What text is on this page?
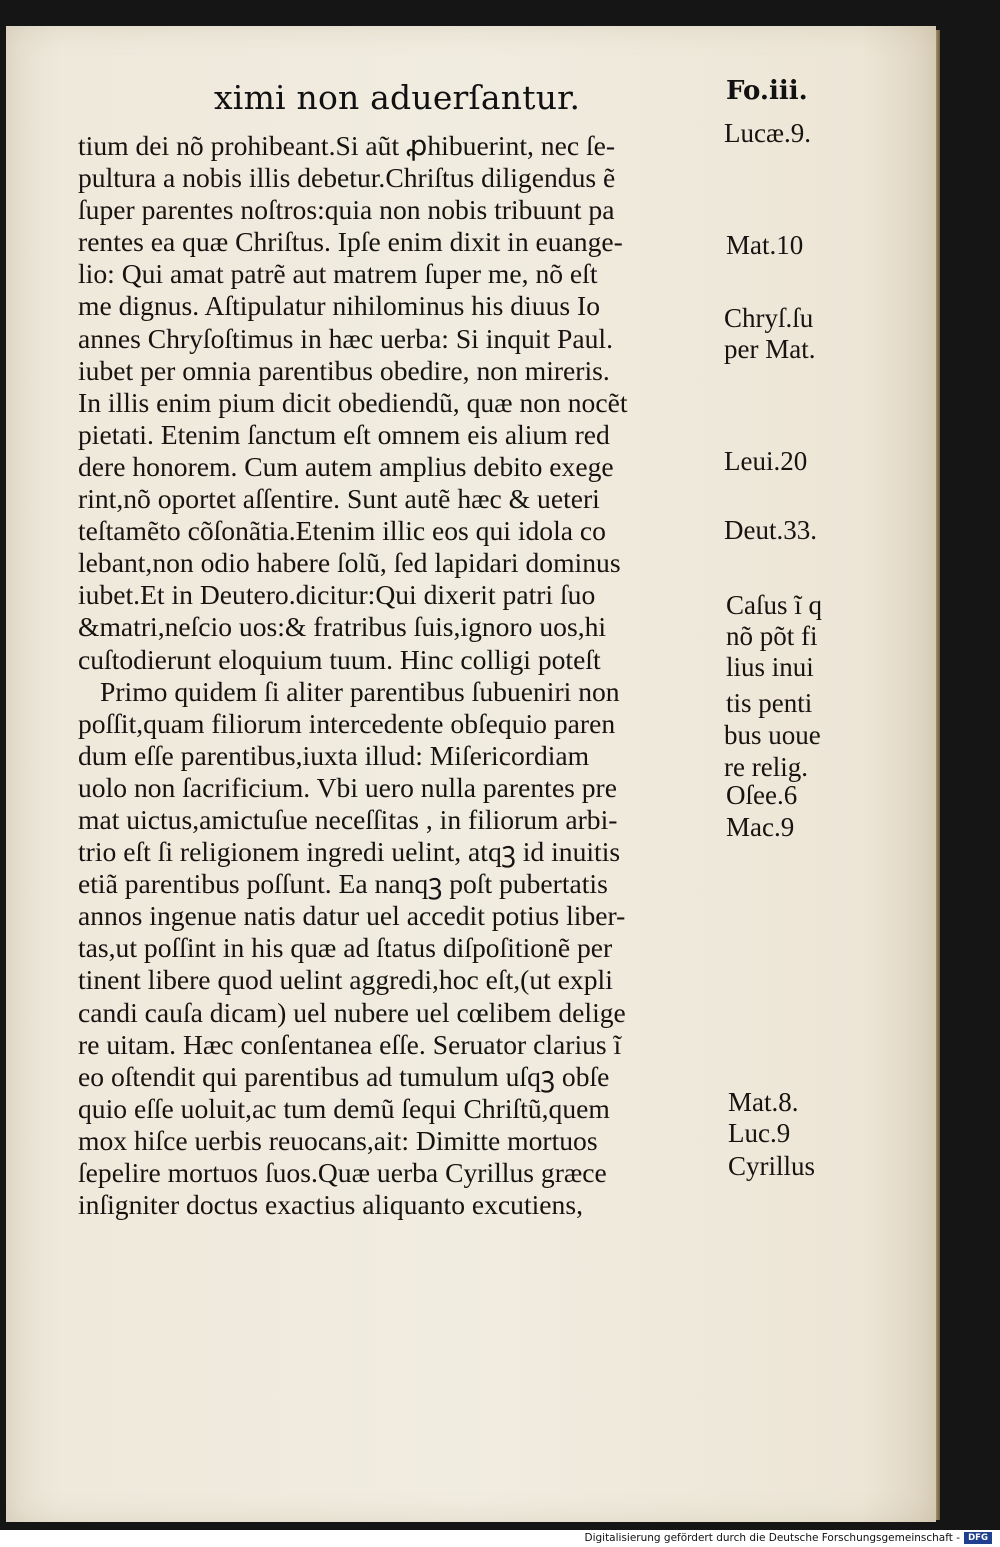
ximi non aduerſantur.	Fo.iii.
tium dei nõ prohibeant.Si aũt ꝓhibuerint, nec ſe-
pultura a nobis illis debetur.Chriſtus diligendus ẽ
ſuper parentes noſtros:quia non nobis tribuunt pa
rentes ea quæ Chriſtus. Ipſe enim dixit in euange-
lio: Qui amat patrẽ aut matrem ſuper me, nõ eſt
me dignus. Aſtipulatur nihilominus his diuus Io
annes Chryſoſtimus in hæc uerba: Si inquit Paul.
iubet per omnia parentibus obedire, non mireris.
In illis enim pium dicit obediendũ, quæ non nocẽt
pietati. Etenim ſanctum eſt omnem eis alium red
dere honorem. Cum autem amplius debito exege
rint,nõ oportet aſſentire. Sunt autẽ hæc & ueteri
teſtamẽto cõſonãtia.Etenim illic eos qui idola co
lebant,non odio habere ſolũ, ſed lapidari dominus
iubet.Et in Deutero.dicitur:Qui dixerit patri ſuo
&matri,neſcio uos:& fratribus ſuis,ignoro uos,hi
cuſtodierunt eloquium tuum. Hinc colligi poteſt
Primo quidem ſi aliter parentibus ſubueniri non
poſſit,quam filiorum intercedente obſequio paren
dum eſſe parentibus,iuxta illud: Miſericordiam
uolo non ſacrificium. Vbi uero nulla parentes pre
mat uictus,amictuſue neceſſitas , in filiorum arbi-
trio eſt ſi religionem ingredi uelint, atqꝫ id inuitis
etiã parentibus poſſunt. Ea nanqꝫ poſt pubertatis
annos ingenue natis datur uel accedit potius liber-
tas,ut poſſint in his quæ ad ſtatus diſpoſitionẽ per
tinent libere quod uelint aggredi,hoc eſt,(ut expli
candi cauſa dicam) uel nubere uel cœlibem delige
re uitam. Hæc conſentanea eſſe. Seruator clarius ĩ
eo oſtendit qui parentibus ad tumulum uſqꝫ obſe
quio eſſe uoluit,ac tum demũ ſequi Chriſtũ,quem
mox hiſce uerbis reuocans,ait: Dimitte mortuos
ſepelire mortuos ſuos.Quæ uerba Cyrillus græce
inſigniter doctus exactius aliquanto excutiens,
Lucæ.9.
Mat.10
Chryſ.ſu
per Mat.
Leui.20
Deut.33.
Caſus ĩ q
nõ põt fi
lius inui
tis penti
bus uoue
re relig.
Oſee.6
Mac.9
Mat.8.
Luc.9
Cyrillus
Digitalisierung gefördert durch die Deutsche Forschungsgemeinschaft - DFG
